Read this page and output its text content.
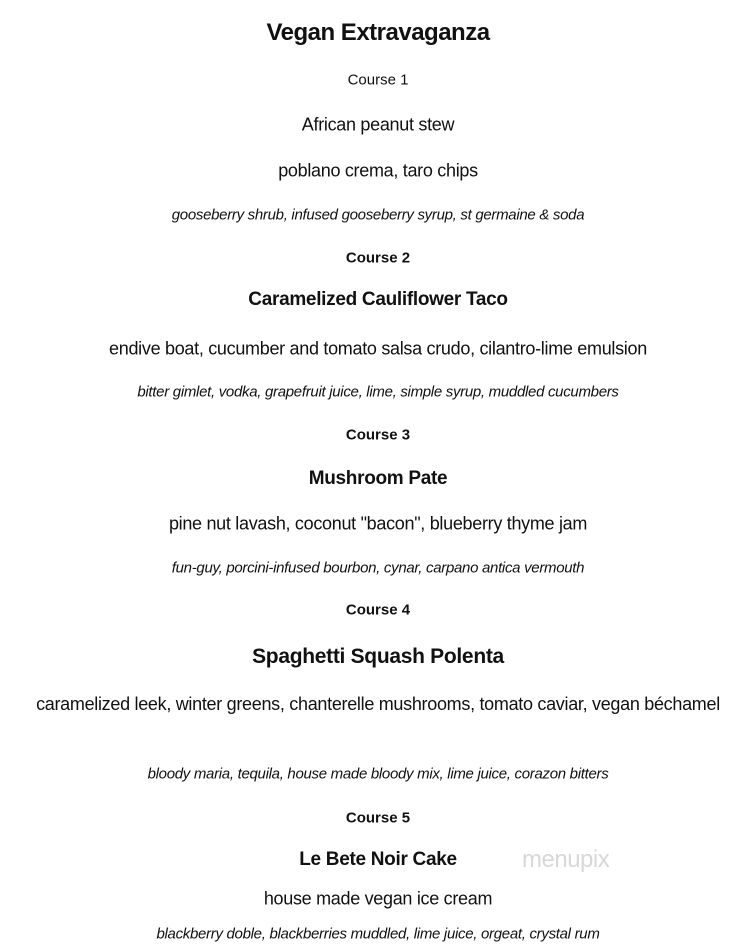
Vegan Extravaganza
Course 1
African peanut stew
poblano crema, taro chips
gooseberry shrub, infused gooseberry syrup, st germaine & soda
Course 2
Caramelized Cauliflower Taco
endive boat, cucumber and tomato salsa crudo, cilantro-lime emulsion
bitter gimlet, vodka, grapefruit juice, lime, simple syrup, muddled cucumbers
Course 3
Mushroom Pate
pine nut lavash, coconut "bacon", blueberry thyme jam
fun-guy, porcini-infused bourbon, cynar, carpano antica vermouth
Course 4
Spaghetti Squash Polenta
caramelized leek, winter greens, chanterelle mushrooms, tomato caviar, vegan béchamel
bloody maria, tequila, house made bloody mix, lime juice, corazon bitters
Course 5
Le Bete Noir Cake
house made vegan ice cream
blackberry doble, blackberries muddled, lime juice, orgeat, crystal rum
menupix
